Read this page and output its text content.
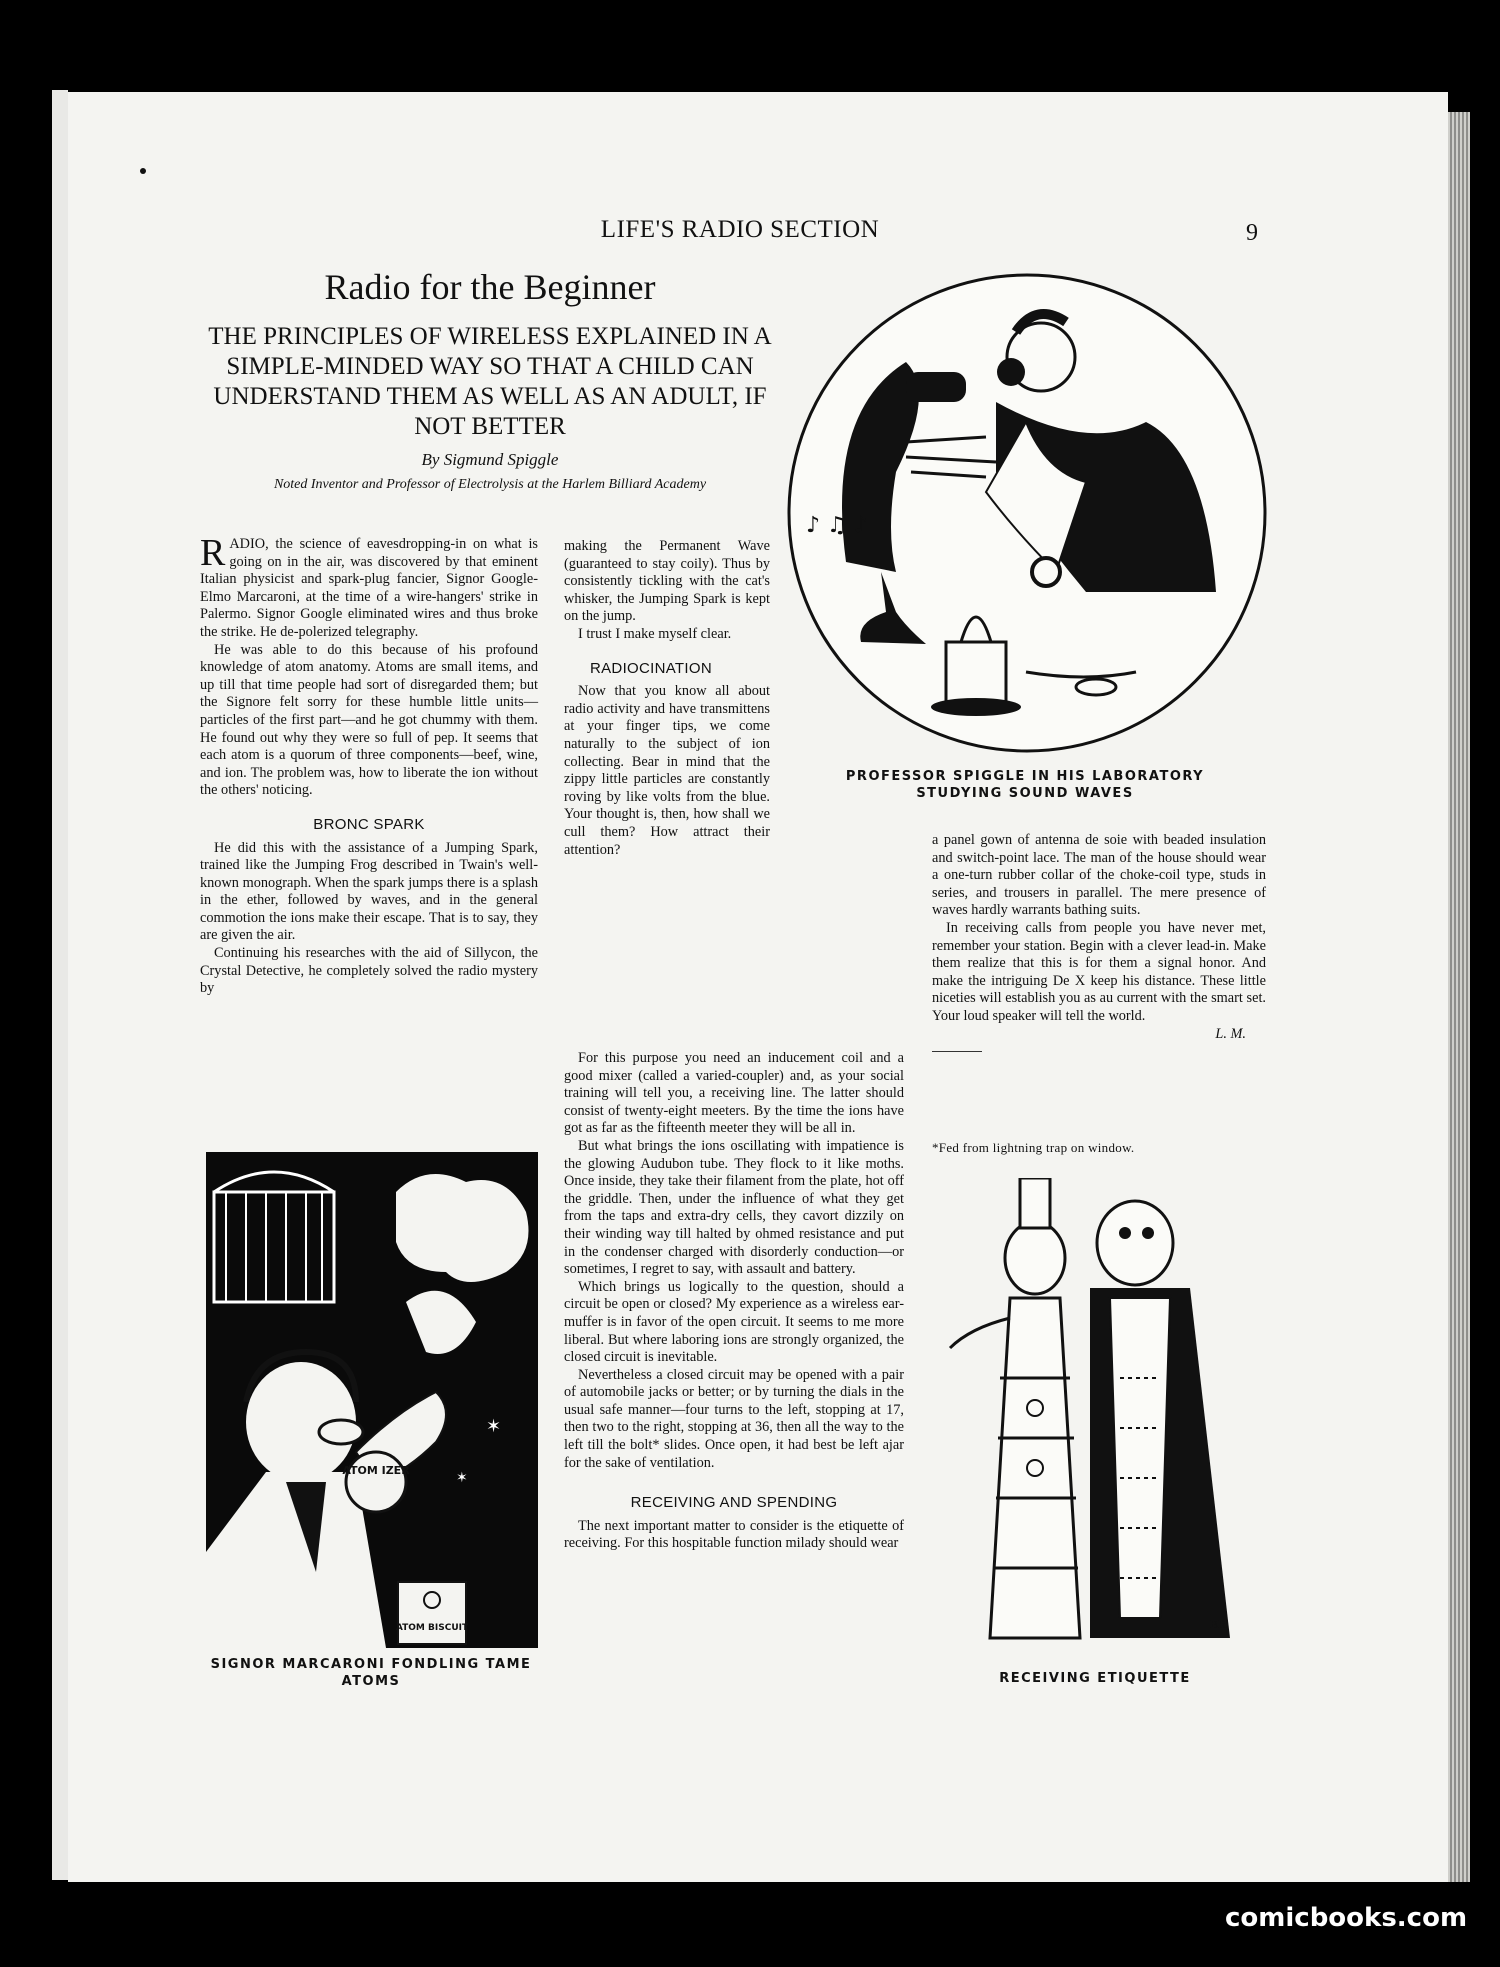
LIFE'S RADIO SECTION	9
Radio for the Beginner
THE PRINCIPLES OF WIRELESS EXPLAINED IN A SIMPLE-MINDED WAY SO THAT A CHILD CAN UNDERSTAND THEM AS WELL AS AN ADULT, IF NOT BETTER
By Sigmund Spiggle
Noted Inventor and Professor of Electrolysis at the Harlem Billiard Academy

RADIO, the science of eavesdropping-in on what is going on in the air, was discovered by that eminent Italian physicist and spark-plug fancier, Signor Google-Elmo Marcaroni, at the time of a wire-hangers' strike in Palermo. Signor Google eliminated wires and thus broke the strike. He de-polerized telegraphy.

He was able to do this because of his profound knowledge of atom anatomy. Atoms are small items, and up till that time people had sort of disregarded them; but the Signore felt sorry for these humble little units—particles of the first part—and he got chummy with them. He found out why they were so full of pep. It seems that each atom is a quorum of three components—beef, wine, and ion. The problem was, how to liberate the ion without the others' noticing.

BRONC SPARK

He did this with the assistance of a Jumping Spark, trained like the Jumping Frog described in Twain's well-known monograph. When the spark jumps there is a splash in the ether, followed by waves, and in the general commotion the ions make their escape. That is to say, they are given the air.

Continuing his researches with the aid of Sillycon, the Crystal Detective, he completely solved the radio mystery by

making the Permanent Wave (guaranteed to stay coily). Thus by consistently tickling with the cat's whisker, the Jumping Spark is kept on the jump.

I trust I make myself clear.

RADIOCINATION

Now that you know all about radio activity and have transmittens at your finger tips, we come naturally to the subject of ion collecting. Bear in mind that the zippy little particles are constantly roving by like volts from the blue. Your thought is, then, how shall we cull them? How attract their attention?

For this purpose you need an inducement coil and a good mixer (called a varied-coupler) and, as your social training will tell you, a receiving line. The latter should consist of twenty-eight meeters. By the time the ions have got as far as the fifteenth meeter they will be all in.

But what brings the ions oscillating with impatience is the glowing Audubon tube. They flock to it like moths. Once inside, they take their filament from the plate, hot off the griddle. Then, under the influence of what they get from the taps and extra-dry cells, they cavort dizzily on their winding way till halted by ohmed resistance and put in the condenser charged with disorderly conduction—or sometimes, I regret to say, with assault and battery.

Which brings us logically to the question, should a circuit be open or closed? My experience as a wireless ear-muffer is in favor of the open circuit. It seems to me more liberal. But where laboring ions are strongly organized, the closed circuit is inevitable.

Nevertheless a closed circuit may be opened with a pair of automobile jacks or better; or by turning the dials in the usual safe manner—four turns to the left, stopping at 17, then two to the right, stopping at 36, then all the way to the left till the bolt* slides. Once open, it had best be left ajar for the sake of ventilation.

RECEIVING AND SPENDING

The next important matter to consider is the etiquette of receiving. For this hospitable function milady should wear

a panel gown of antenna de soie with beaded insulation and switch-point lace. The man of the house should wear a one-turn rubber collar of the choke-coil type, studs in series, and trousers in parallel. The mere presence of waves hardly warrants bathing suits.

In receiving calls from people you have never met, remember your station. Begin with a clever lead-in. Make them realize that this is for them a signal honor. And make the intriguing De X keep his distance. These little niceties will establish you as au current with the smart set. Your loud speaker will tell the world.

L. M.
*Fed from lightning trap on window.
♪ ♫ ♪
PROFESSOR SPIGGLE IN HIS LABORATORY STUDYING SOUND WAVES
ATOM IZER
ATOM BISCUIT
✶
✶
SIGNOR MARCARONI FONDLING TAME ATOMS
BR.
RECEIVING ETIQUETTE
comicbooks.com
